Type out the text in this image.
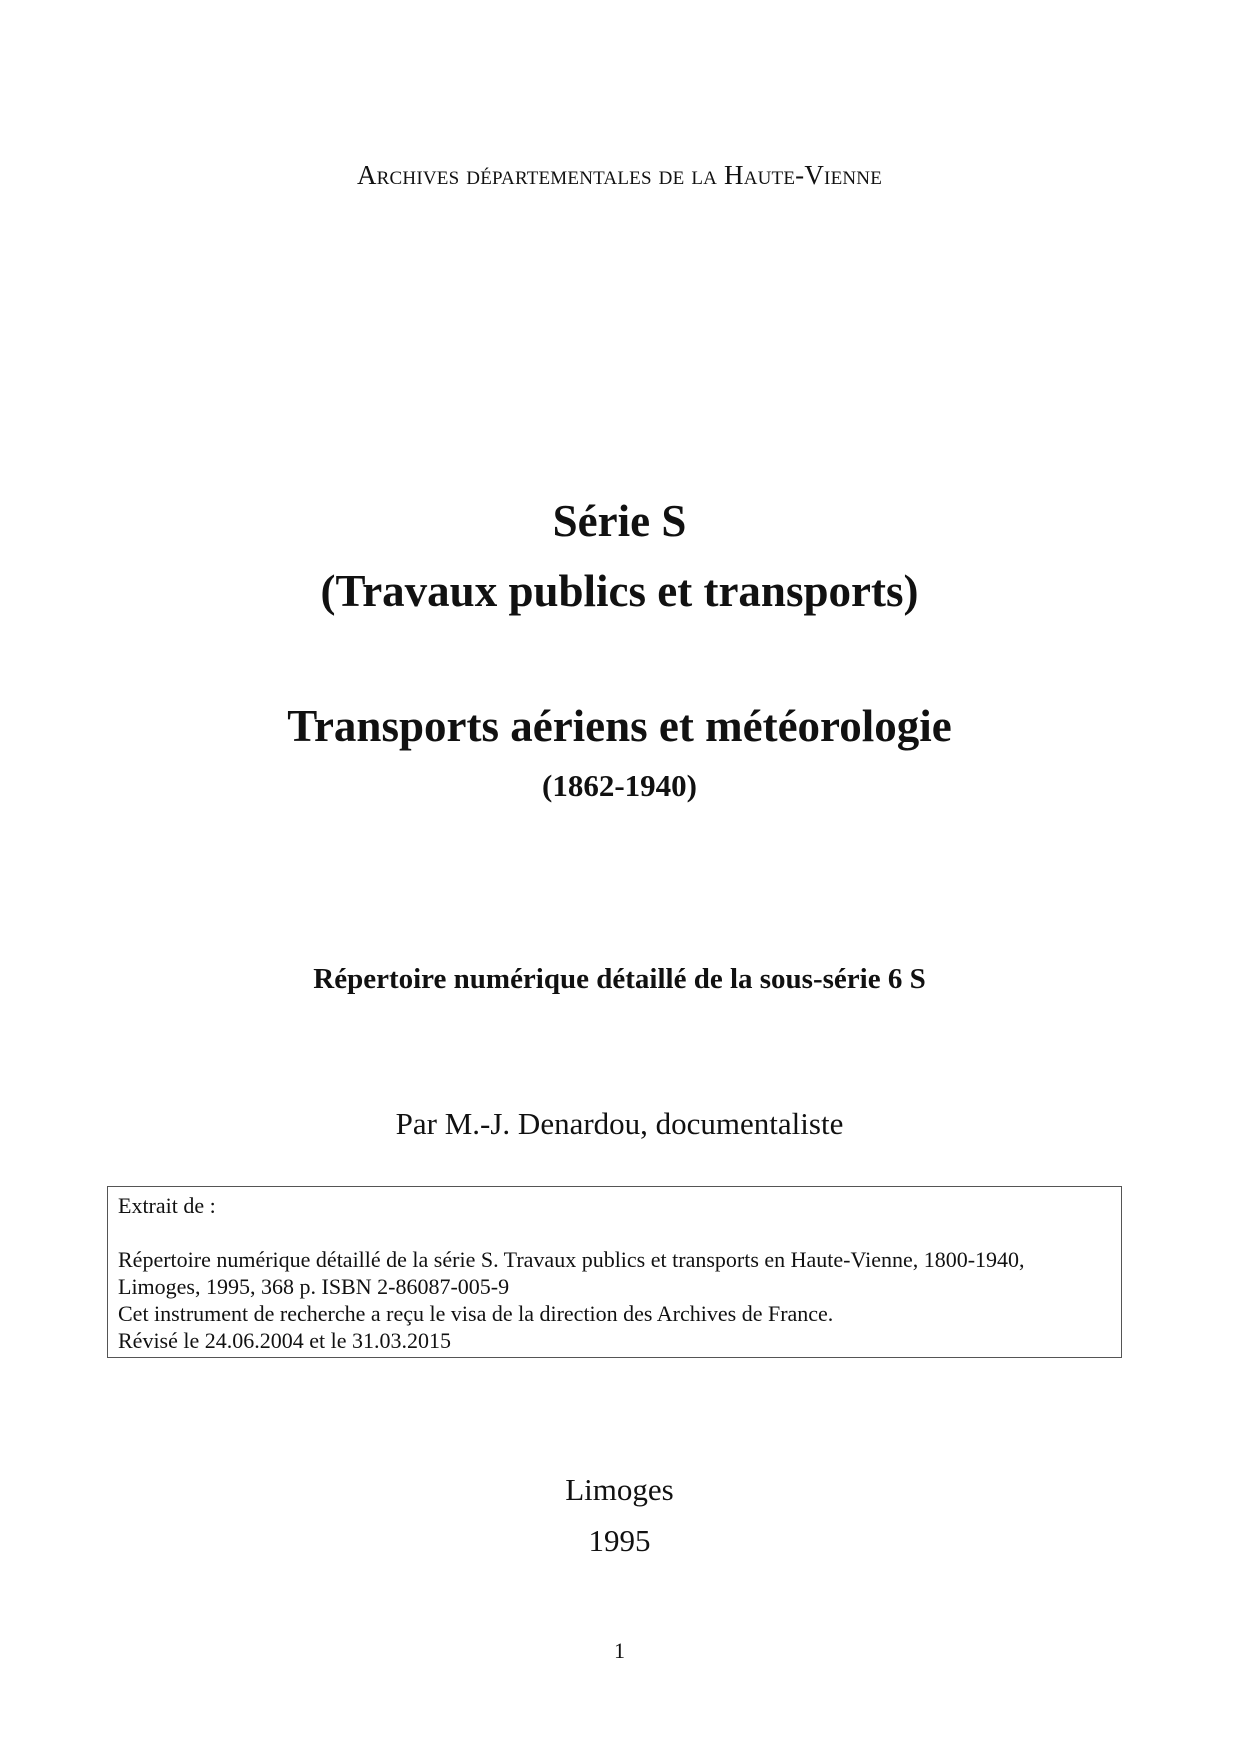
Archives départementales de la Haute-Vienne
Série S
(Travaux publics et transports)
Transports aériens et météorologie
(1862-1940)
Répertoire numérique détaillé de la sous-série 6 S
Par M.-J. Denardou, documentaliste
Extrait de :
Répertoire numérique détaillé de la série S. Travaux publics et transports en Haute-Vienne, 1800-1940,
Limoges, 1995, 368 p. ISBN 2-86087-005-9
Cet instrument de recherche a reçu le visa de la direction des Archives de France.
Révisé le 24.06.2004 et le 31.03.2015
Limoges
1995
1
